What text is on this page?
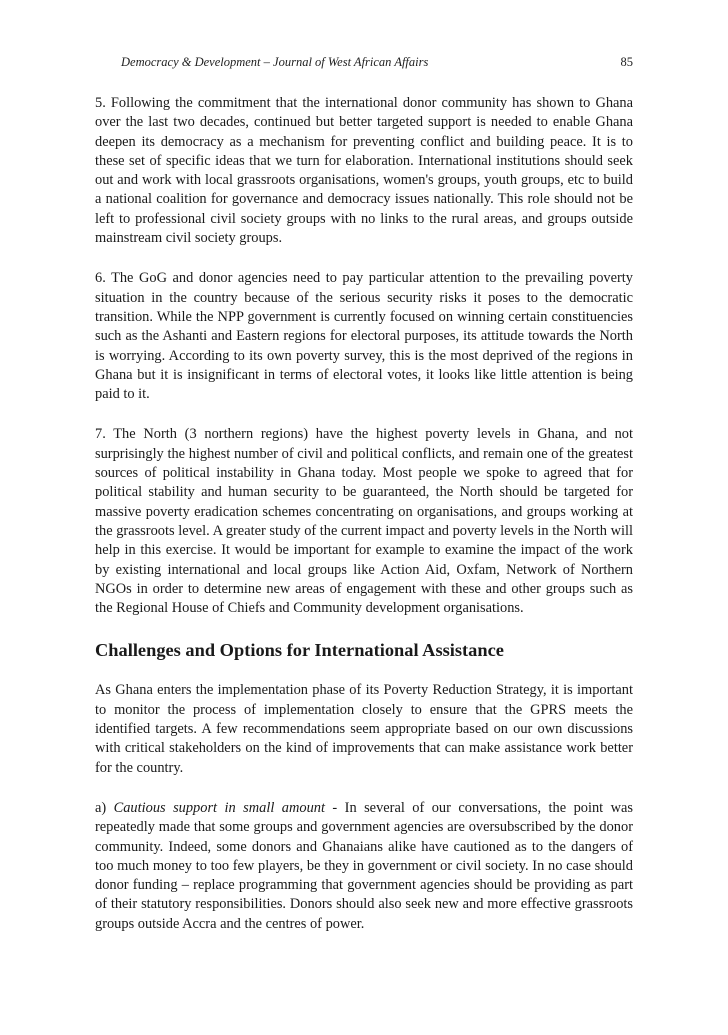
Democracy & Development – Journal of West African Affairs	85

5. Following the commitment that the international donor community has shown to Ghana over the last two decades, continued but better targeted support is needed to enable Ghana deepen its democracy as a mechanism for preventing conflict and building peace. It is to these set of specific ideas that we turn for elaboration. International institutions should seek out and work with local grassroots organisations, women's groups, youth groups, etc to build a national coalition for governance and democracy issues nationally. This role should not be left to professional civil society groups with no links to the rural areas, and groups outside mainstream civil society groups.

6. The GoG and donor agencies need to pay particular attention to the prevailing poverty situation in the country because of the serious security risks it poses to the democratic transition. While the NPP government is currently focused on winning certain constituencies such as the Ashanti and Eastern regions for electoral purposes, its attitude towards the North is worrying. According to its own poverty survey, this is the most deprived of the regions in Ghana but it is insignificant in terms of electoral votes, it looks like little attention is being paid to it.

7. The North (3 northern regions) have the highest poverty levels in Ghana, and not surprisingly the highest number of civil and political conflicts, and remain one of the greatest sources of political instability in Ghana today. Most people we spoke to agreed that for political stability and human security to be guaranteed, the North should be targeted for massive poverty eradication schemes concentrating on organisations, and groups working at the grassroots level. A greater study of the current impact and poverty levels in the North will help in this exercise. It would be important for example to examine the impact of the work by existing international and local groups like Action Aid, Oxfam, Network of Northern NGOs in order to determine new areas of engagement with these and other groups such as the Regional House of Chiefs and Community development organisations.

Challenges and Options for International Assistance

As Ghana enters the implementation phase of its Poverty Reduction Strategy, it is important to monitor the process of implementation closely to ensure that the GPRS meets the identified targets. A few recommendations seem appropriate based on our own discussions with critical stakeholders on the kind of improvements that can make assistance work better for the country.

a) Cautious support in small amount - In several of our conversations, the point was repeatedly made that some groups and government agencies are oversubscribed by the donor community. Indeed, some donors and Ghanaians alike have cautioned as to the dangers of too much money to too few players, be they in government or civil society. In no case should donor funding – replace programming that government agencies should be providing as part of their statutory responsibilities. Donors should also seek new and more effective grassroots groups outside Accra and the centres of power.
